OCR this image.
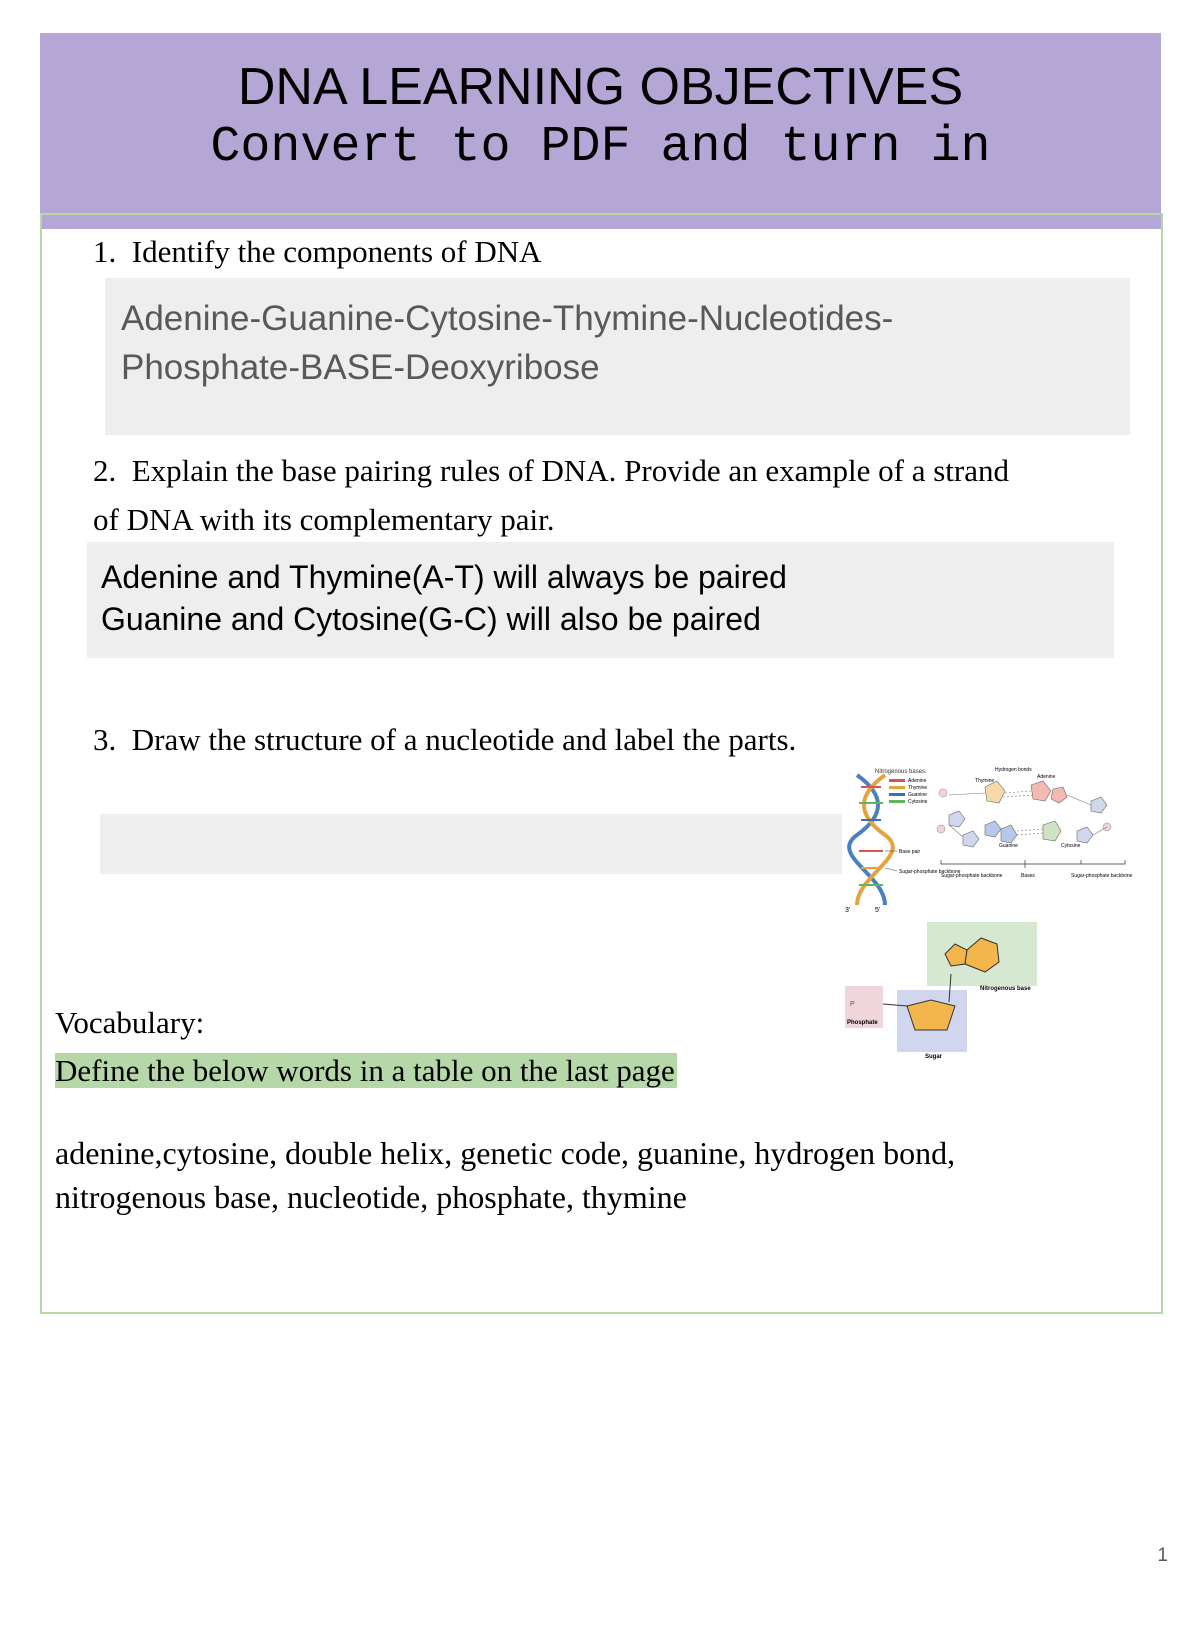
DNA LEARNING OBJECTIVES
Convert to PDF and turn in
1. Identify the components of DNA
Adenine-Guanine-Cytosine-Thymine-Nucleotides-
Phosphate-BASE-Deoxyribose
2. Explain the base pairing rules of DNA. Provide an example of a strand
of DNA with its complementary pair.
Adenine and Thymine(A-T) will always be paired
Guanine and Cytosine(G-C) will also be paired
3. Draw the structure of a nucleotide and label the parts.
3'	5'
Nitrogenous bases:
Adenine
Thymine
Guanine
Cytosine
Base pair
Sugar-phosphate backbone
Hydrogen bonds
Thymine
Adenine
Guanine	Cytosine
Sugar-phosphate backbone	Bases	Sugar-phosphate backbone
Nitrogenous base
P
Phosphate
Sugar
Vocabulary:
Define the below words in a table on the last page
adenine,cytosine, double helix, genetic code, guanine, hydrogen bond,
nitrogenous base, nucleotide, phosphate, thymine
1
